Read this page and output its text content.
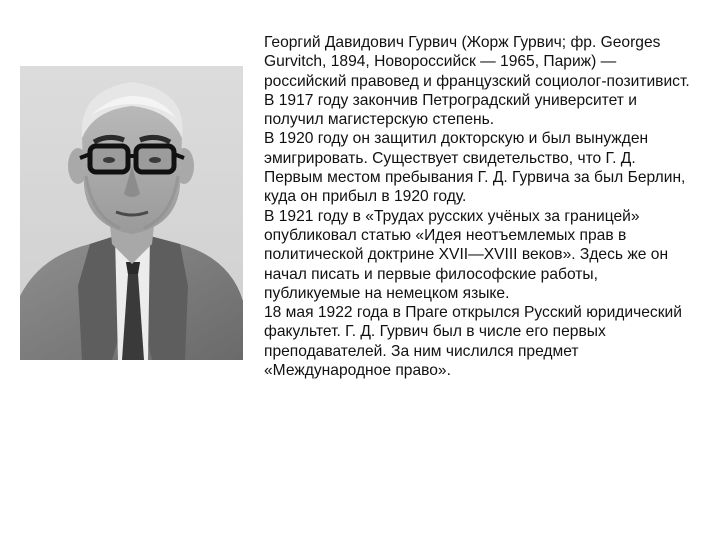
Георгий Давидович Гурвич (Жорж Гурвич; фр. Georges Gurvitch, 1894, Новороссийск — 1965, Париж) — российский правовед и французский социолог-позитивист.

В 1917 году закончив Петроградский университет и получил магистерскую степень.

В 1920 году он защитил докторскую и был вынужден эмигрировать. Существует свидетельство, что Г. Д.

Первым местом пребывания Г. Д. Гурвича за был Берлин, куда он прибыл в 1920 году.

В 1921 году в «Трудах русских учёных за границей» опубликовал статью «Идея неотъемлемых прав в политической доктрине XVII—XVIII веков». Здесь же он начал писать и первые философские работы, публикуемые на немецком языке.

18 мая 1922 года в Праге открылся Русский юридический факультет. Г. Д. Гурвич был в числе его первых преподавателей. За ним числился предмет «Международное право».
